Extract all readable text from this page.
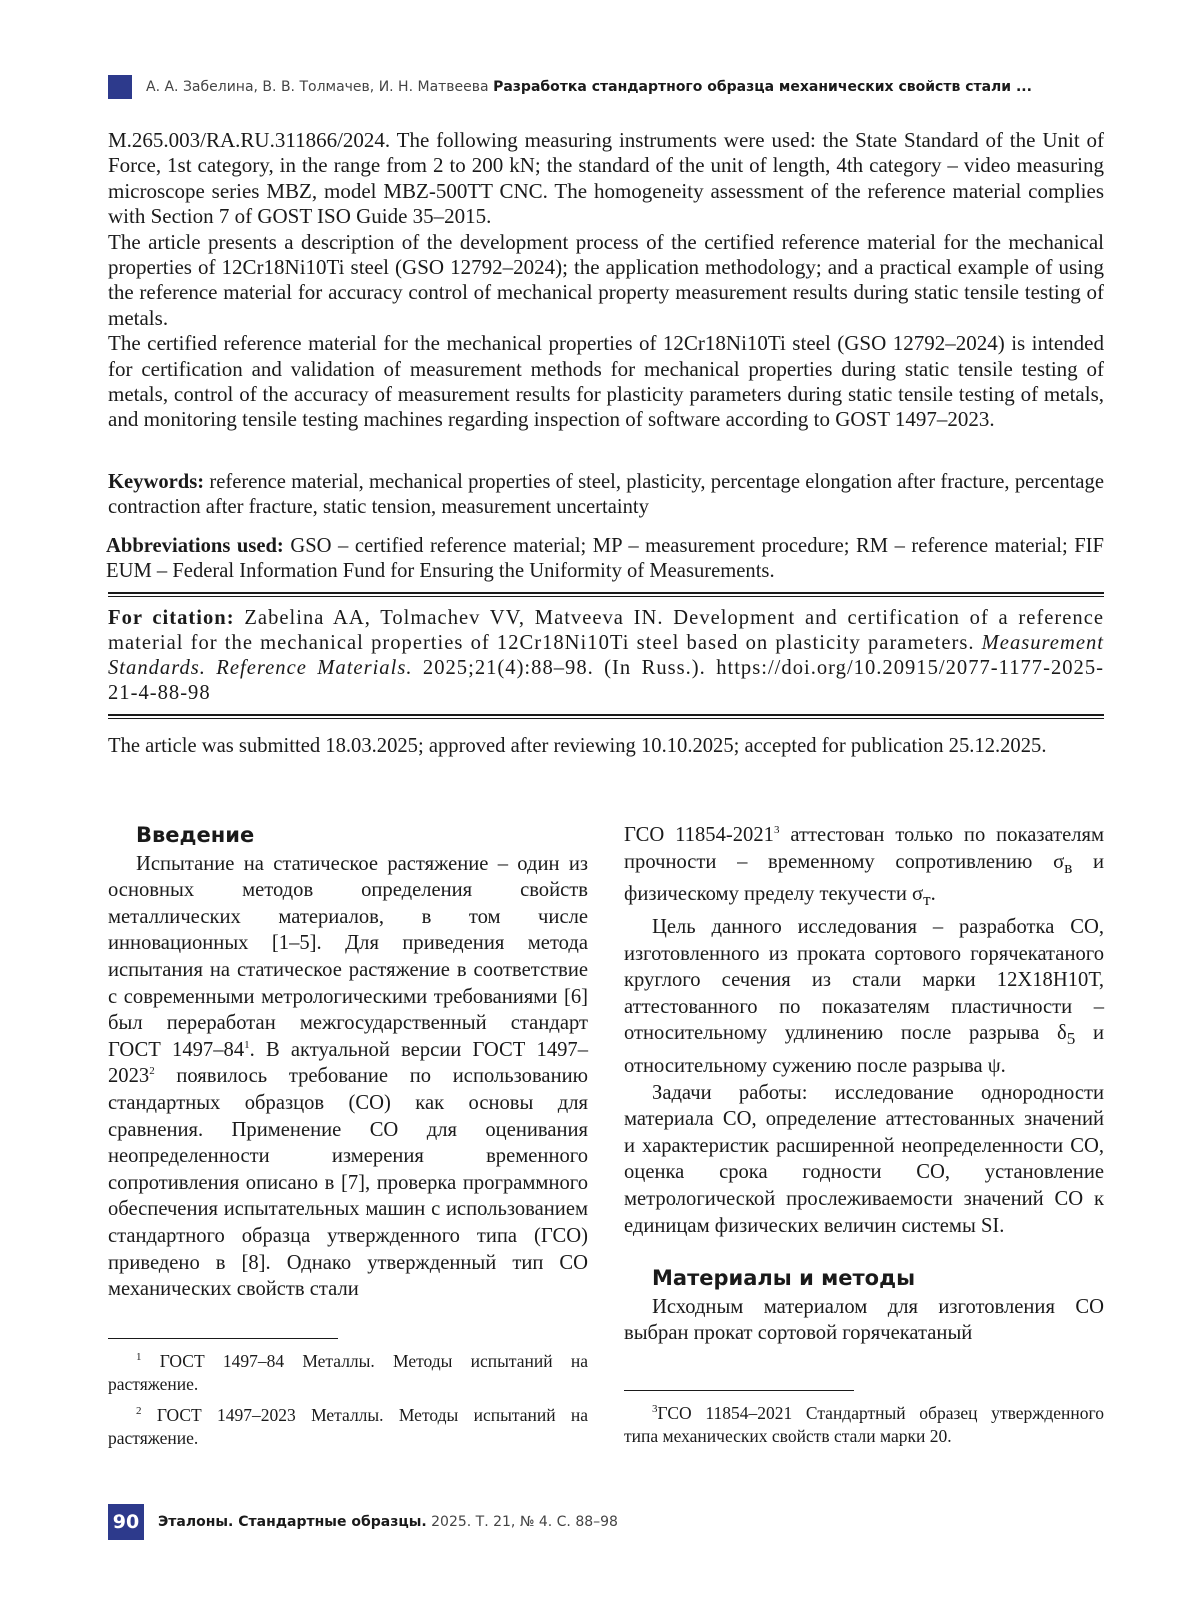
А. А. Забелина, В. В. Толмачев, И. Н. Матвеева Разработка стандартного образца механических свойств стали ...

M.265.003/RA.RU.311866/2024. The following measuring instruments were used: the State Standard of the Unit of Force, 1st category, in the range from 2 to 200 kN; the standard of the unit of length, 4th category – video measuring microscope series MBZ, model MBZ-500TT CNC. The homogeneity assessment of the reference material complies with Section 7 of GOST ISO Guide 35–2015.

The article presents a description of the development process of the certified reference material for the mechanical properties of 12Cr18Ni10Ti steel (GSO 12792–2024); the application methodology; and a practical example of using the reference material for accuracy control of mechanical property measurement results during static tensile testing of metals.

The certified reference material for the mechanical properties of 12Cr18Ni10Ti steel (GSO 12792–2024) is intended for certification and validation of measurement methods for mechanical properties during static tensile testing of metals, control of the accuracy of measurement results for plasticity parameters during static tensile testing of metals, and monitoring tensile testing machines regarding inspection of software according to GOST 1497–2023.

Keywords: reference material, mechanical properties of steel, plasticity, percentage elongation after fracture, percentage contraction after fracture, static tension, measurement uncertainty
Abbreviations used: GSO – certified reference material; MP – measurement procedure; RM – reference material; FIF EUM – Federal Information Fund for Ensuring the Uniformity of Measurements.
For citation: Zabelina AA, Tolmachev VV, Matveeva IN. Development and certification of a reference material for the mechanical properties of 12Cr18Ni10Ti steel based on plasticity parameters. Measurement Standards. Reference Materials. 2025;21(4):88–98. (In Russ.). https://doi.org/10.20915/2077-1177-2025-21-4-88-98
The article was submitted 18.03.2025; approved after reviewing 10.10.2025; accepted for publication 25.12.2025.
Введение

Испытание на статическое растяжение – один из основных методов определения свойств металлических материалов, в том числе инновационных [1–5]. Для приведения метода испытания на статическое растяжение в соответствие с современными метрологическими требованиями [6] был переработан межгосударственный стандарт ГОСТ $1497-84^1$. В актуальной версии ГОСТ 1497–2023$^2$ появилось требование по использованию стандартных образцов (СО) как основы для сравнения. Применение СО для оценивания неопределенности измерения временного сопротивления описано в [7], проверка программного обеспечения испытательных машин с использованием стандартного образца утвержденного типа (ГСО) приведено в [8]. Однако утвержденный тип СО механических свойств стали

$^1$ ГОСТ 1497–84 Металлы. Методы испытаний на растяжение.

$^2$ ГОСТ 1497–2023 Металлы. Методы испытаний на растяжение.

ГСО 11854-2021$^3$ аттестован только по показателям прочности – временному сопротивлению $\sigma_в$ и физическому пределу текучести $\sigma_т$.

Цель данного исследования – разработка СО, изготовленного из проката сортового горячекатаного круглого сечения из стали марки 12Х18Н10Т, аттестованного по показателям пластичности – относительному удлинению после разрыва $\delta_5$ и относительному сужению после разрыва ψ.

Задачи работы: исследование однородности материала СО, определение аттестованных значений и характеристик расширенной неопределенности СО, оценка срока годности СО, установление метрологической прослеживаемости значений СО к единицам физических величин системы SI.

Материалы и методы

Исходным материалом для изготовления СО выбран прокат сортовой горячекатаный

$^3$ГСО 11854–2021 Стандартный образец утвержденного типа механических свойств стали марки 20.

90	Эталоны. Стандартные образцы. 2025. Т. 21, № 4. С. 88–98
